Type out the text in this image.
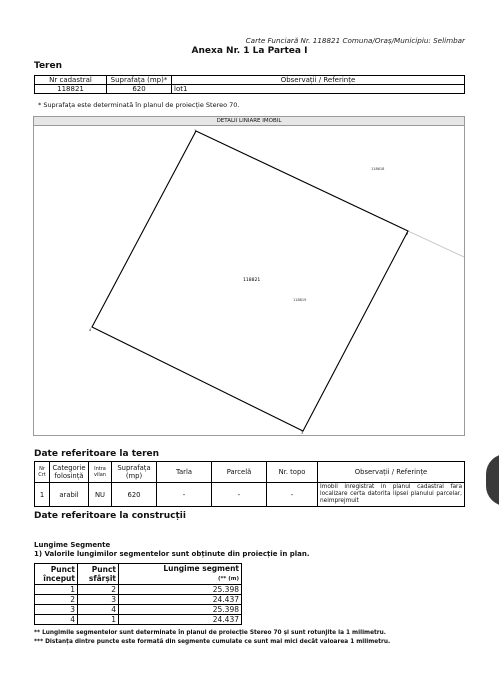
Carte Funciară Nr. 118821 Comuna/Oraș/Municipiu: Selimbar
Anexa Nr. 1 La Partea I
Teren
Nr cadastral	Suprafața (mp)*	Observații / Referințe
118821	620	lot1
* Suprafața este determinată în planul de proiecție Stereo 70.
DETALII LINIARE IMOBIL
1
2
3
4
118821
118819
118618
Date referitoare la teren
Nr Crt	Categorie folosință	Intra vilan	Suprafața (mp)	Tarla	Parcelă	Nr. topo	Observații / Referințe
1	arabil	NU	620	-	-	-	Imobil inregistrat in planul cadastral fara localizare certa datorita lipsei planului parcelar, neimprejmuit
Date referitoare la construcții
Lungime Segmente
1) Valorile lungimilor segmentelor sunt obținute din proiecție în plan.
Punct început	Punct sfârșit	Lungime segment
(** (m)
1	2	25.398
2	3	24.437
3	4	25.398
4	1	24.437
** Lungimile segmentelor sunt determinate în planul de proiecție Stereo 70 și sunt rotunjite la 1 milimetru.
*** Distanța dintre puncte este formată din segmente cumulate ce sunt mai mici decât valoarea 1 milimetru.
